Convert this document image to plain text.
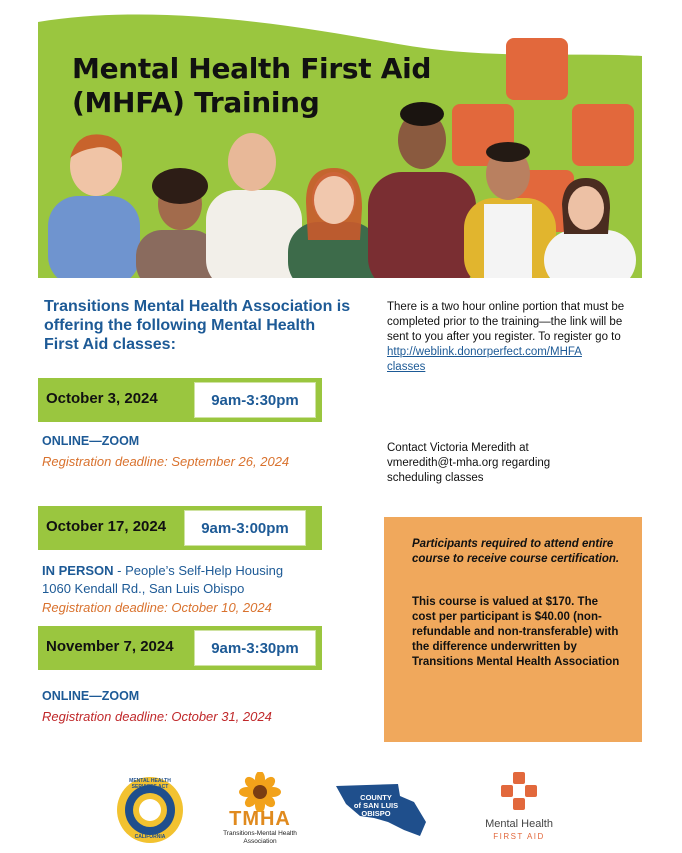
Mental Health First Aid
(MHFA) Training

Transitions Mental Health Association is offering the following Mental Health First Aid classes:

October 3, 2024	9am-3:30pm
ONLINE—ZOOM
Registration deadline: September 26, 2024
October 17, 2024	9am-3:00pm
IN PERSON - People’s Self-Help Housing
1060 Kendall Rd., San Luis Obispo
Registration deadline: October 10, 2024
November 7, 2024	9am-3:30pm
ONLINE—ZOOM
Registration deadline: October 31, 2024
There is a two hour online portion that must be completed prior to the training—the link will be sent to you after you register. To register go to
http://weblink.donorperfect.com/MHFAclasses
Contact Victoria Meredith at vmeredith@t-mha.org regarding scheduling classes

Participants required to attend entire course to receive course certification.

This course is valued at $170. The cost per participant is $40.00 (non-refundable and non-transferable) with the difference underwritten by Transitions Mental Health Association

MENTAL HEALTH SERVICES ACT
CALIFORNIA
TMHA
Transitions-Mental Health Association
COUNTY
of SAN LUIS
OBISPO
Mental Health
FIRST AID
